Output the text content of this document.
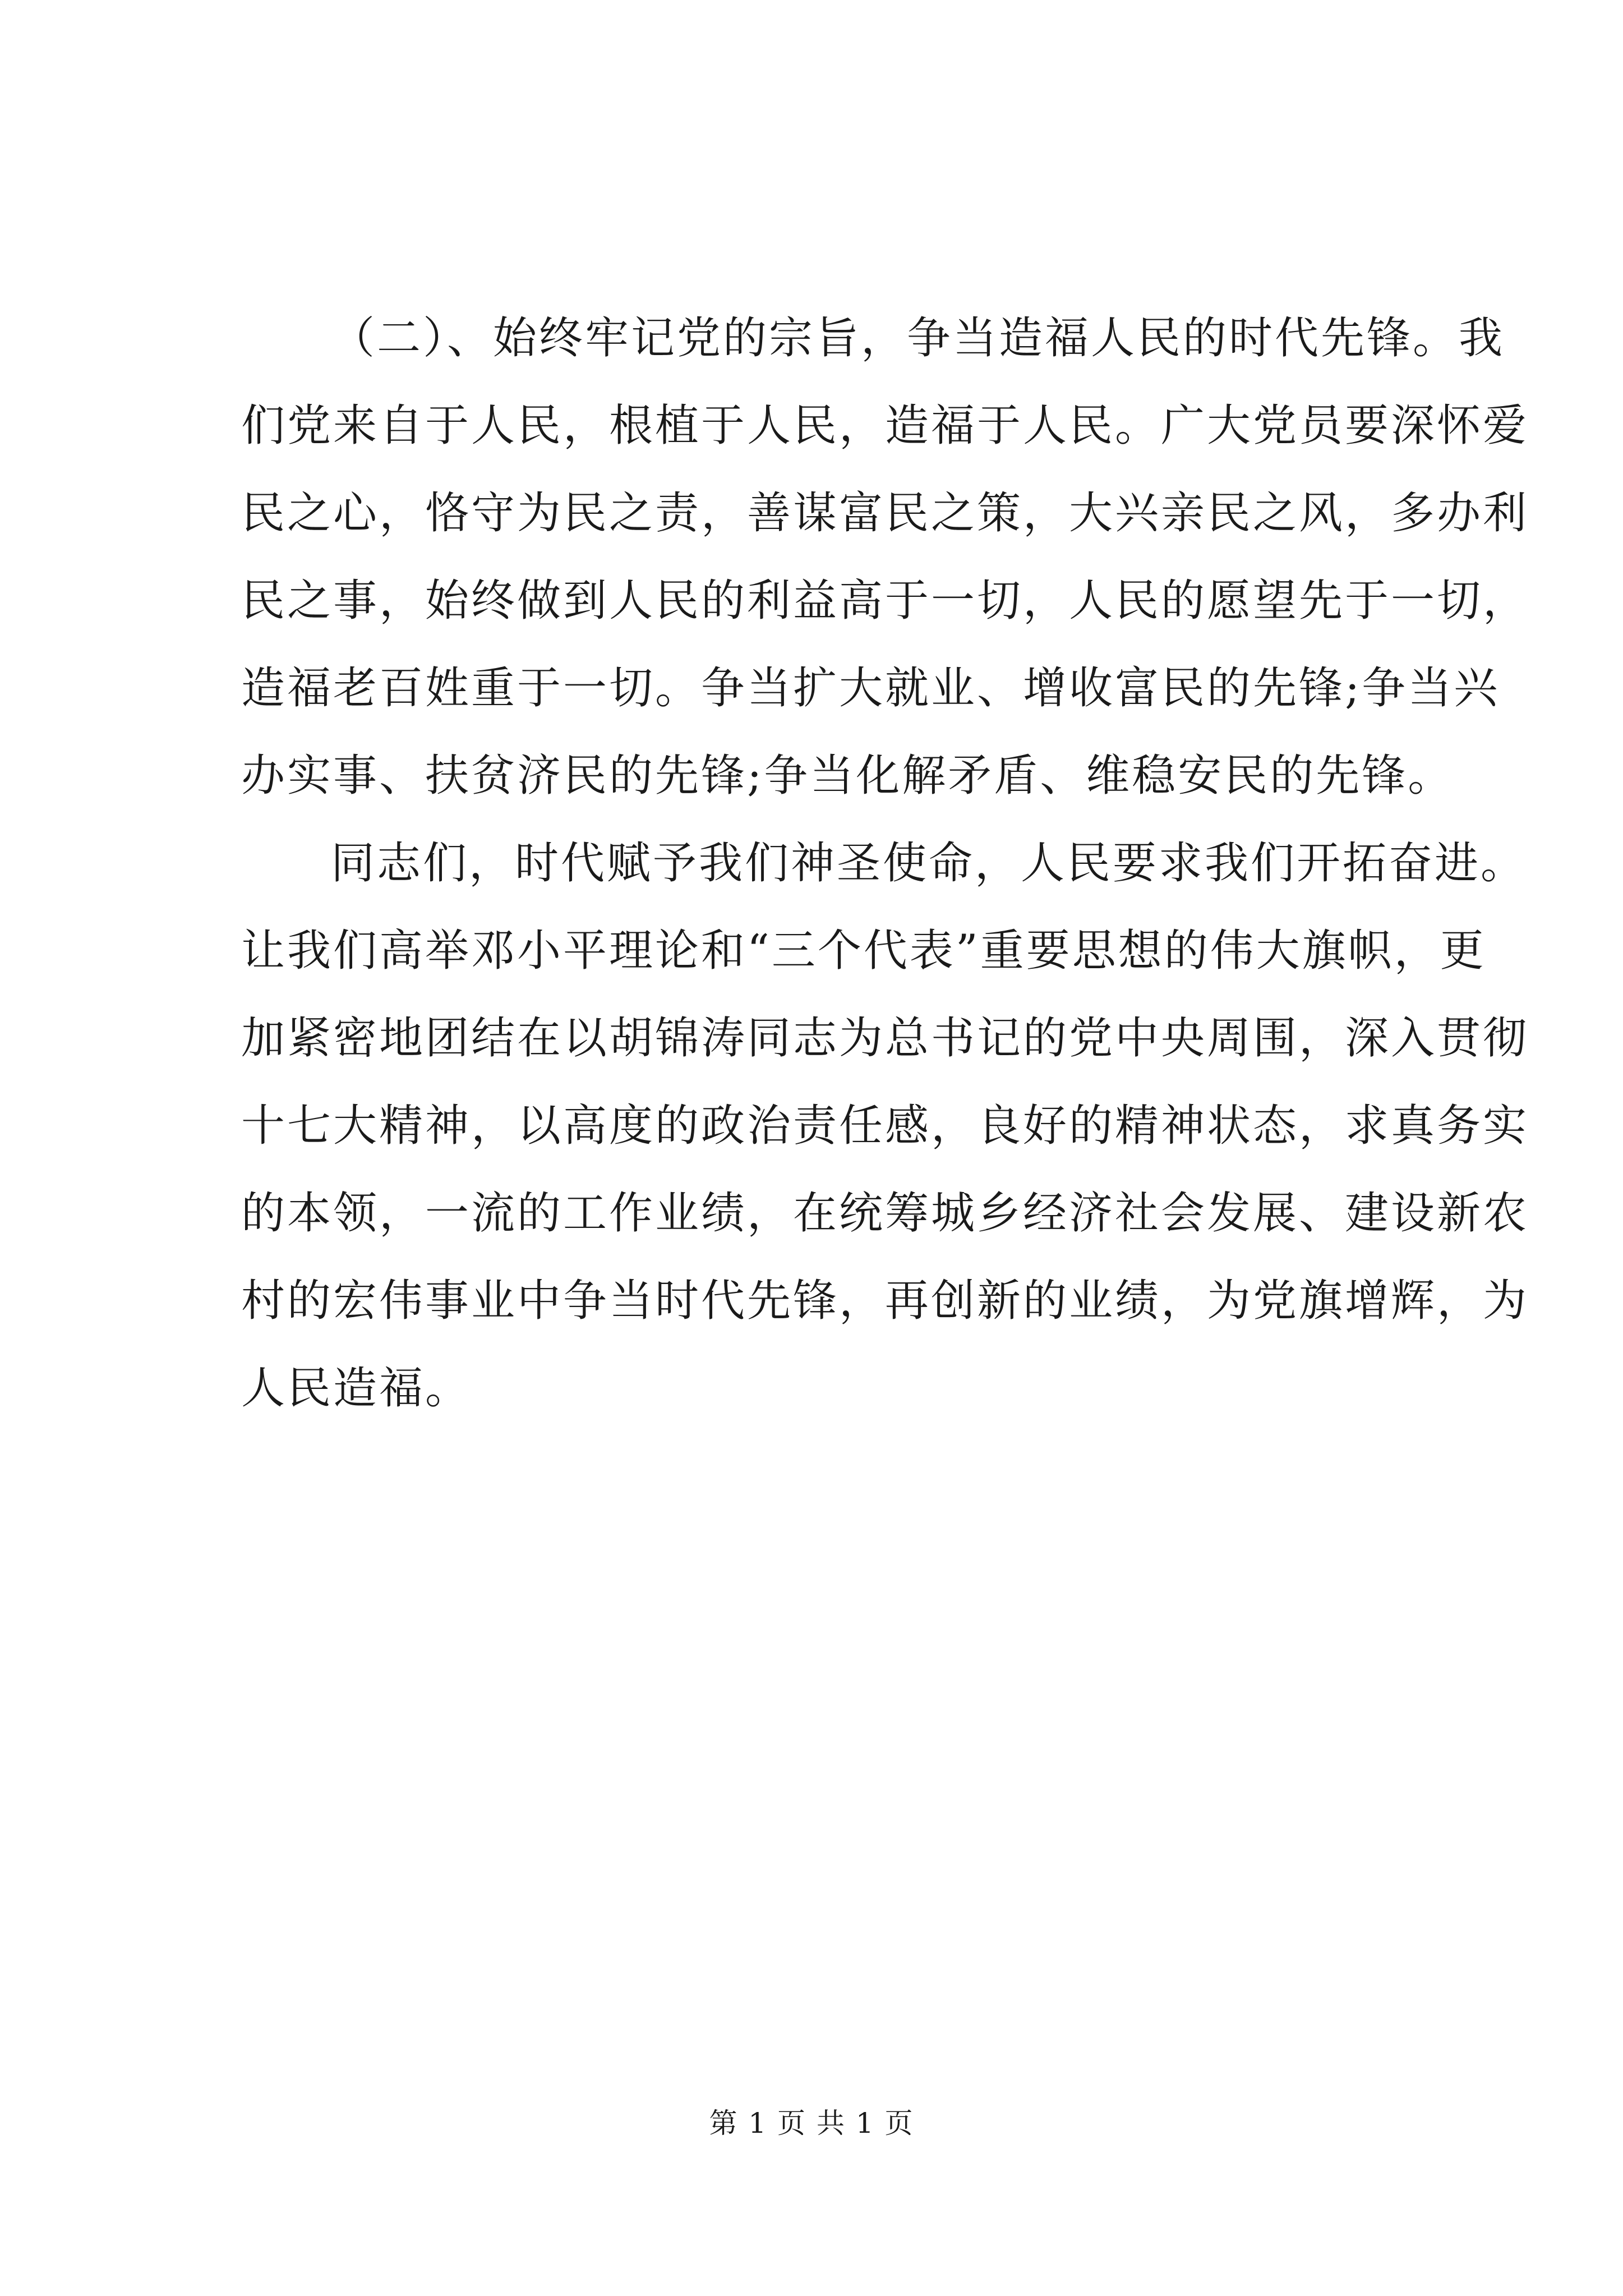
（二）、始终牢记党的宗旨，争当造福人民的时代先锋。我
们党来自于人民，根植于人民，造福于人民。广大党员要深怀爱
民之心，恪守为民之责，善谋富民之策，大兴亲民之风，多办利
民之事，始终做到人民的利益高于一切，人民的愿望先于一切，
造福老百姓重于一切。争当扩大就业、增收富民的先锋;争当兴
办实事、扶贫济民的先锋;争当化解矛盾、维稳安民的先锋。
同志们，时代赋予我们神圣使命，人民要求我们开拓奋进。
让我们高举邓小平理论和“三个代表”重要思想的伟大旗帜，更
加紧密地团结在以胡锦涛同志为总书记的党中央周围，深入贯彻
十七大精神，以高度的政治责任感，良好的精神状态，求真务实
的本领，一流的工作业绩，在统筹城乡经济社会发展、建设新农
村的宏伟事业中争当时代先锋，再创新的业绩，为党旗增辉，为
人民造福。
第 1 页 共 1 页
